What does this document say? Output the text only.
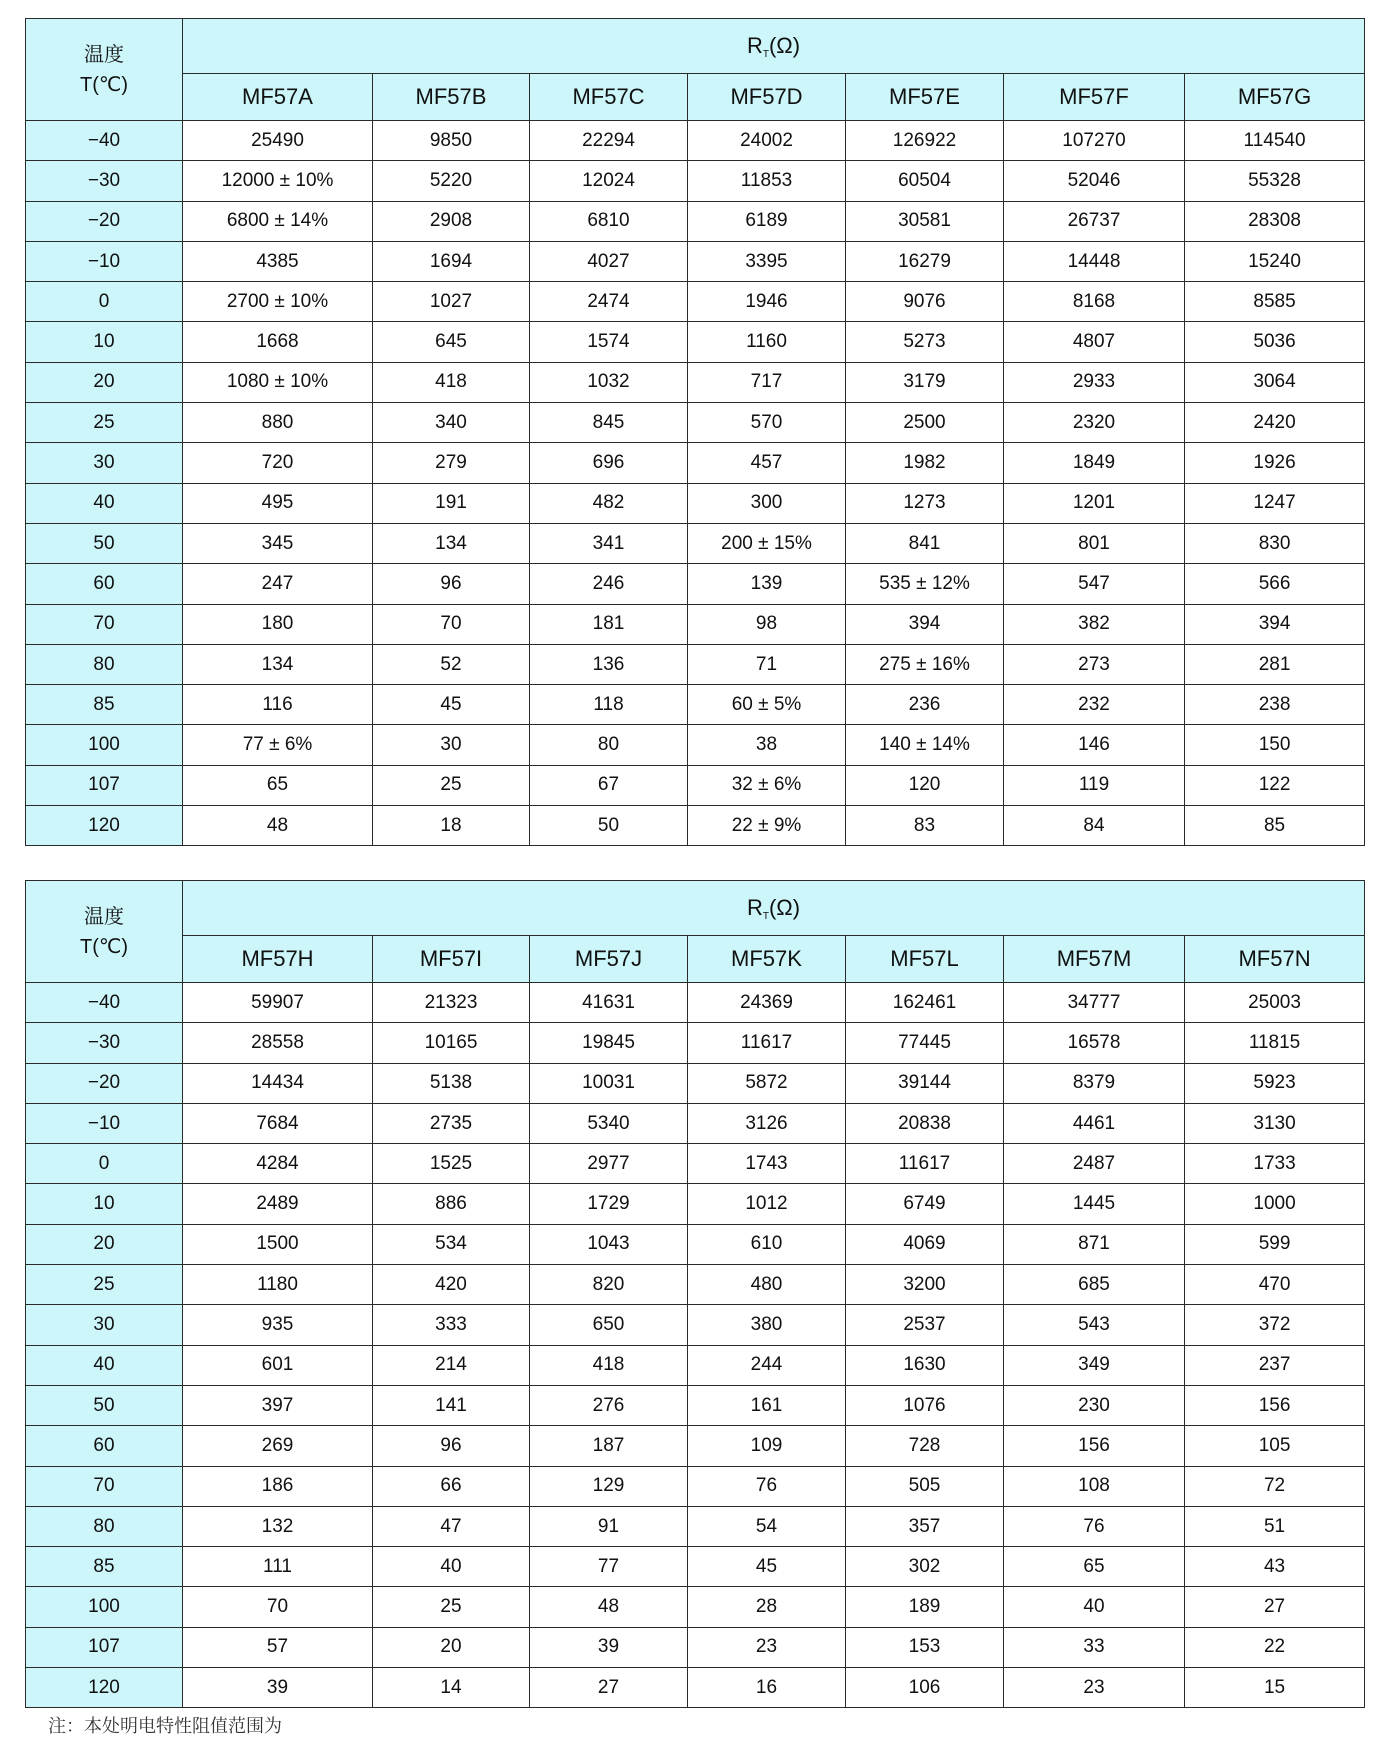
温度
T(℃)	$R_T(\Omega)$						
	MF57A	MF57B	MF57C	MF57D	MF57E	MF57F	MF57G
−40	25490	9850	22294	24002	126922	107270	114540
−30	12000 ± 10%	5220	12024	11853	60504	52046	55328
−20	6800 ± 14%	2908	6810	6189	30581	26737	28308
−10	4385	1694	4027	3395	16279	14448	15240
0	2700 ± 10%	1027	2474	1946	9076	8168	8585
10	1668	645	1574	1160	5273	4807	5036
20	1080 ± 10%	418	1032	717	3179	2933	3064
25	880	340	845	570	2500	2320	2420
30	720	279	696	457	1982	1849	1926
40	495	191	482	300	1273	1201	1247
50	345	134	341	200 ± 15%	841	801	830
60	247	96	246	139	535 ± 12%	547	566
70	180	70	181	98	394	382	394
80	134	52	136	71	275 ± 16%	273	281
85	116	45	118	60 ± 5%	236	232	238
100	77 ± 6%	30	80	38	140 ± 14%	146	150
107	65	25	67	32 ± 6%	120	119	122
120	48	18	50	22 ± 9%	83	84	85
温度
T(℃)	$R_T(\Omega)$						
	MF57H	MF57I	MF57J	MF57K	MF57L	MF57M	MF57N
−40	59907	21323	41631	24369	162461	34777	25003
−30	28558	10165	19845	11617	77445	16578	11815
−20	14434	5138	10031	5872	39144	8379	5923
−10	7684	2735	5340	3126	20838	4461	3130
0	4284	1525	2977	1743	11617	2487	1733
10	2489	886	1729	1012	6749	1445	1000
20	1500	534	1043	610	4069	871	599
25	1180	420	820	480	3200	685	470
30	935	333	650	380	2537	543	372
40	601	214	418	244	1630	349	237
50	397	141	276	161	1076	230	156
60	269	96	187	109	728	156	105
70	186	66	129	76	505	108	72
80	132	47	91	54	357	76	51
85	111	40	77	45	302	65	43
100	70	25	48	28	189	40	27
107	57	20	39	23	153	33	22
120	39	14	27	16	106	23	15
注：本处明电特性阻值范围为
